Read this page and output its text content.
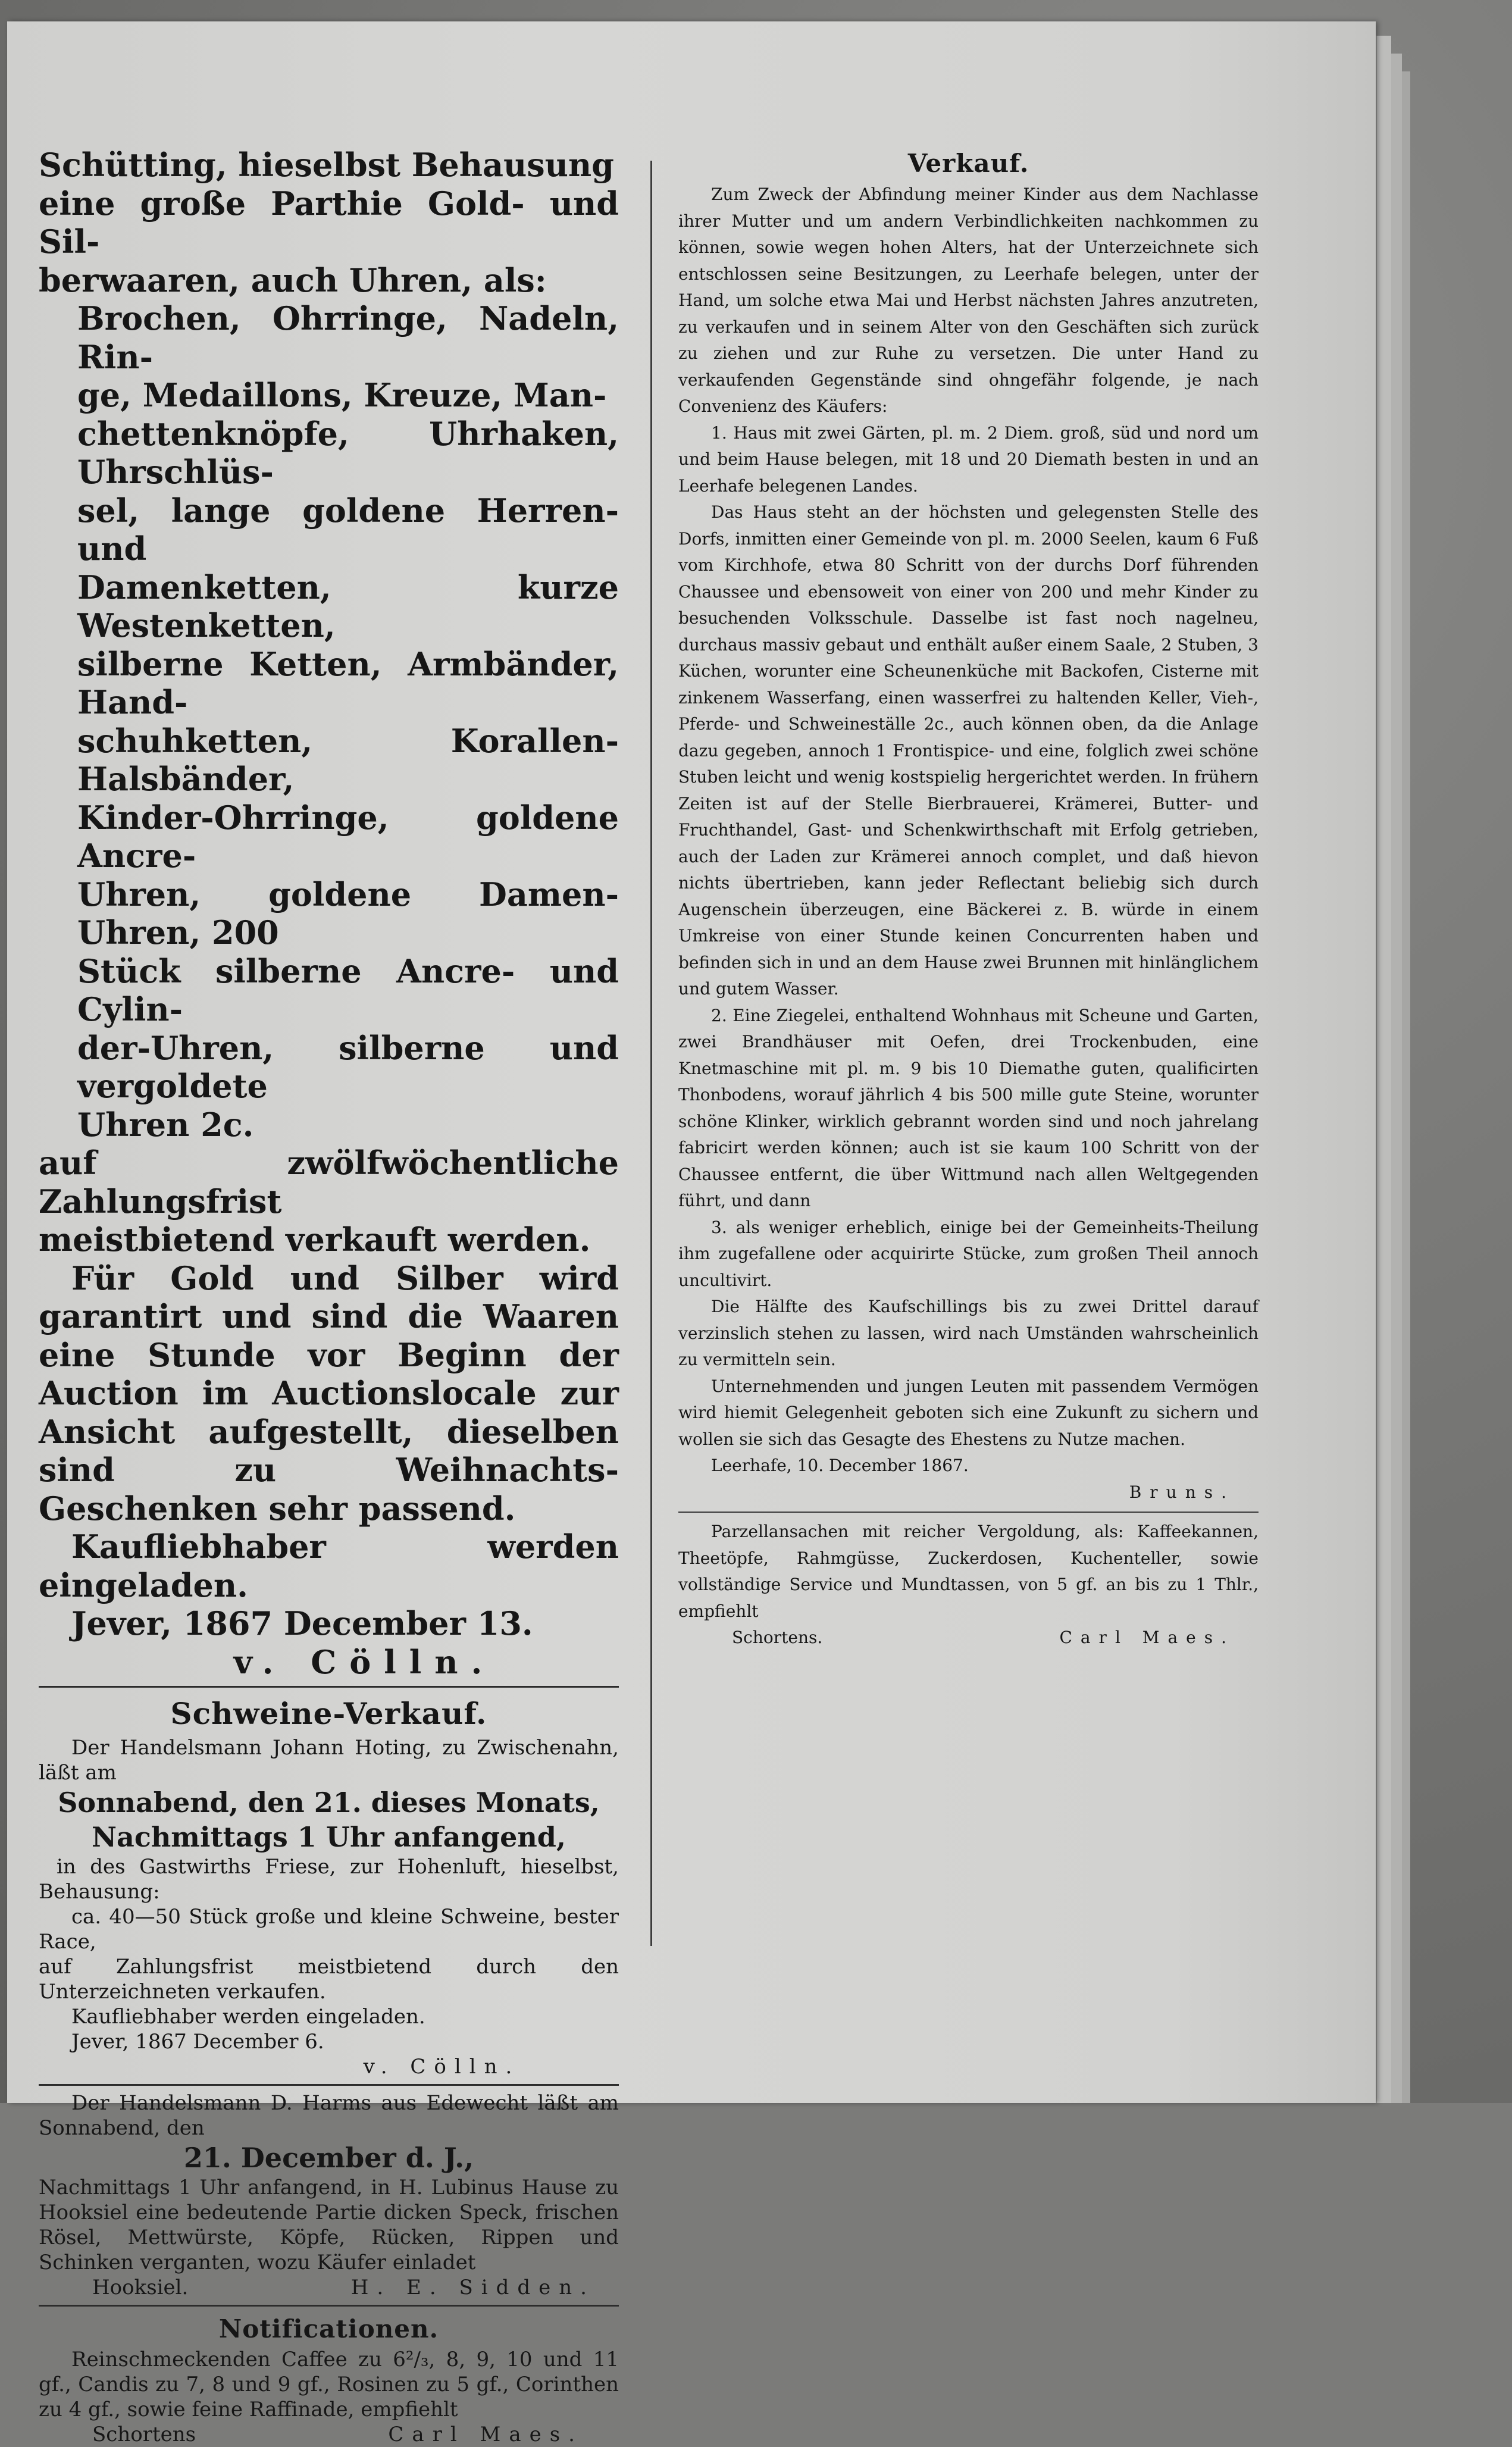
Schütting, hieselbst Behausung

eine große Parthie Gold- und Sil-

berwaaren, auch Uhren, als:

Brochen, Ohrringe, Nadeln, Rin-

ge, Medaillons, Kreuze, Man-

chettenknöpfe, Uhrhaken, Uhrschlüs-

sel, lange goldene Herren- und

Damenketten, kurze Westenketten,

silberne Ketten, Armbänder, Hand-

schuhketten, Korallen-Halsbänder,

Kinder-Ohrringe, goldene Ancre-

Uhren, goldene Damen-Uhren, 200

Stück silberne Ancre- und Cylin-

der-Uhren, silberne und vergoldete

Uhren 2c.

auf zwölfwöchentliche Zahlungsfrist

meistbietend verkauft werden.

Für Gold und Silber wird garantirt und sind die Waaren eine Stunde vor Beginn der Auction im Auctionslocale zur Ansicht aufgestellt, dieselben sind zu Weihnachts-Geschenken sehr passend.

Kaufliebhaber werden eingeladen.

Jever, 1867 December 13.

v. Cölln.

Schweine-Verkauf.

Der Handelsmann Johann Hoting, zu Zwischenahn, läßt am

Sonnabend, den 21. dieses Monats,

Nachmittags 1 Uhr anfangend,

in des Gastwirths Friese, zur Hohenluft, hieselbst, Behausung:

ca. 40—50 Stück große und kleine Schweine, bester Race,

auf Zahlungsfrist meistbietend durch den Unterzeichneten verkaufen.

Kaufliebhaber werden eingeladen.

Jever, 1867 December 6.

v. Cölln.

Der Handelsmann D. Harms aus Edewecht läßt am Sonnabend, den

21. December d. J.,

Nachmittags 1 Uhr anfangend, in H. Lubinus Hause zu Hooksiel eine bedeutende Partie dicken Speck, frischen Rösel, Mettwürste, Köpfe, Rücken, Rippen und Schinken verganten, wozu Käufer einladet

Hooksiel.	H. E. Sidden.

Notificationen.

Reinschmeckenden Caffee zu 6²/₃, 8, 9, 10 und 11 gf., Candis zu 7, 8 und 9 gf., Rosinen zu 5 gf., Corinthen zu 4 gf., sowie feine Raffinade, empfiehlt

Schortens	Carl Maes.

Verkauf.

Zum Zweck der Abfindung meiner Kinder aus dem Nachlasse ihrer Mutter und um andern Verbindlichkeiten nachkommen zu können, sowie wegen hohen Alters, hat der Unterzeichnete sich entschlossen seine Besitzungen, zu Leerhafe belegen, unter der Hand, um solche etwa Mai und Herbst nächsten Jahres anzutreten, zu verkaufen und in seinem Alter von den Geschäften sich zurück zu ziehen und zur Ruhe zu versetzen. Die unter Hand zu verkaufenden Gegenstände sind ohngefähr folgende, je nach Convenienz des Käufers:

1. Haus mit zwei Gärten, pl. m. 2 Diem. groß, süd und nord um und beim Hause belegen, mit 18 und 20 Diemath besten in und an Leerhafe belegenen Landes.

Das Haus steht an der höchsten und gelegensten Stelle des Dorfs, inmitten einer Gemeinde von pl. m. 2000 Seelen, kaum 6 Fuß vom Kirchhofe, etwa 80 Schritt von der durchs Dorf führenden Chaussee und ebensoweit von einer von 200 und mehr Kinder zu besuchenden Volksschule. Dasselbe ist fast noch nagelneu, durchaus massiv gebaut und enthält außer einem Saale, 2 Stuben, 3 Küchen, worunter eine Scheunenküche mit Backofen, Cisterne mit zinkenem Wasserfang, einen wasserfrei zu haltenden Keller, Vieh-, Pferde- und Schweineställe 2c., auch können oben, da die Anlage dazu gegeben, annoch 1 Frontispice- und eine, folglich zwei schöne Stuben leicht und wenig kostspielig hergerichtet werden. In frühern Zeiten ist auf der Stelle Bierbrauerei, Krämerei, Butter- und Fruchthandel, Gast- und Schenkwirthschaft mit Erfolg getrieben, auch der Laden zur Krämerei annoch complet, und daß hievon nichts übertrieben, kann jeder Reflectant beliebig sich durch Augenschein überzeugen, eine Bäckerei z. B. würde in einem Umkreise von einer Stunde keinen Concurrenten haben und befinden sich in und an dem Hause zwei Brunnen mit hinlänglichem und gutem Wasser.

2. Eine Ziegelei, enthaltend Wohnhaus mit Scheune und Garten, zwei Brandhäuser mit Oefen, drei Trockenbuden, eine Knetmaschine mit pl. m. 9 bis 10 Diemathe guten, qualificirten Thonbodens, worauf jährlich 4 bis 500 mille gute Steine, worunter schöne Klinker, wirklich gebrannt worden sind und noch jahrelang fabricirt werden können; auch ist sie kaum 100 Schritt von der Chaussee entfernt, die über Wittmund nach allen Weltgegenden führt, und dann

3. als weniger erheblich, einige bei der Gemeinheits-Theilung ihm zugefallene oder acquirirte Stücke, zum großen Theil annoch uncultivirt.

Die Hälfte des Kaufschillings bis zu zwei Drittel darauf verzinslich stehen zu lassen, wird nach Umständen wahrscheinlich zu vermitteln sein.

Unternehmenden und jungen Leuten mit passendem Vermögen wird hiemit Gelegenheit geboten sich eine Zukunft zu sichern und wollen sie sich das Gesagte des Ehestens zu Nutze machen.

Leerhafe, 10. December 1867.

Bruns.

Parzellansachen mit reicher Vergoldung, als: Kaffeekannen, Theetöpfe, Rahmgüsse, Zuckerdosen, Kuchenteller, sowie vollständige Service und Mundtassen, von 5 gf. an bis zu 1 Thlr., empfiehlt

Schortens.	Carl Maes.
